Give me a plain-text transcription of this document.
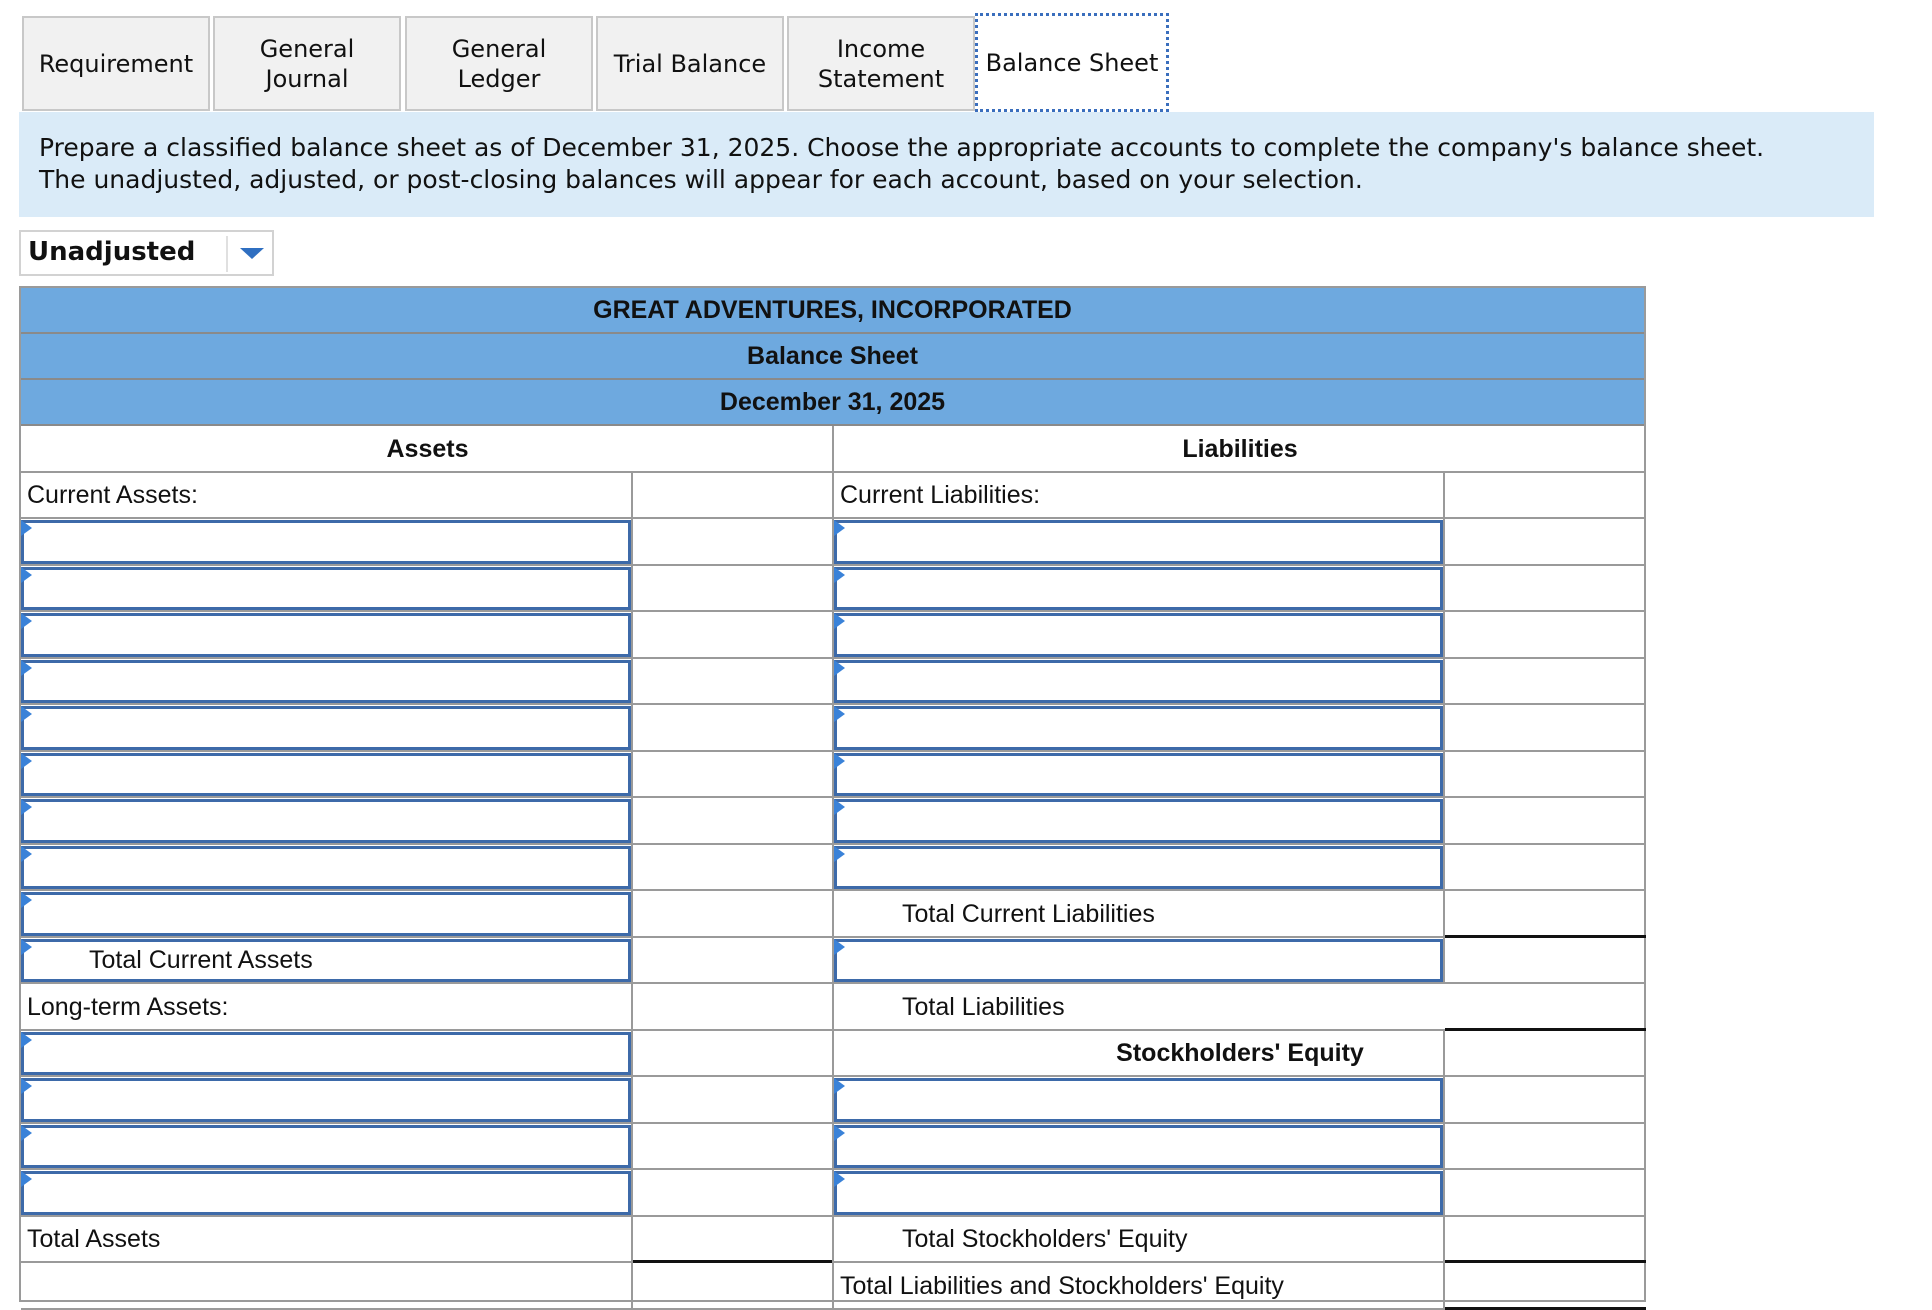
Requirement
General
Journal
General
Ledger
Trial Balance
Income
Statement
Balance Sheet
Prepare a classified balance sheet as of December 31, 2025. Choose the appropriate accounts to complete the company's balance sheet.
The unadjusted, adjusted, or post-closing balances will appear for each account, based on your selection.
Unadjusted
GREAT ADVENTURES, INCORPORATED
Balance Sheet
December 31, 2025
Assets	Liabilities
Current Assets:
Total Current Assets
Long-term Assets:
Total Assets
Current Liabilities:
Total Current Liabilities
Total Liabilities
Stockholders' Equity
Total Stockholders' Equity
Total Liabilities and Stockholders' Equity
